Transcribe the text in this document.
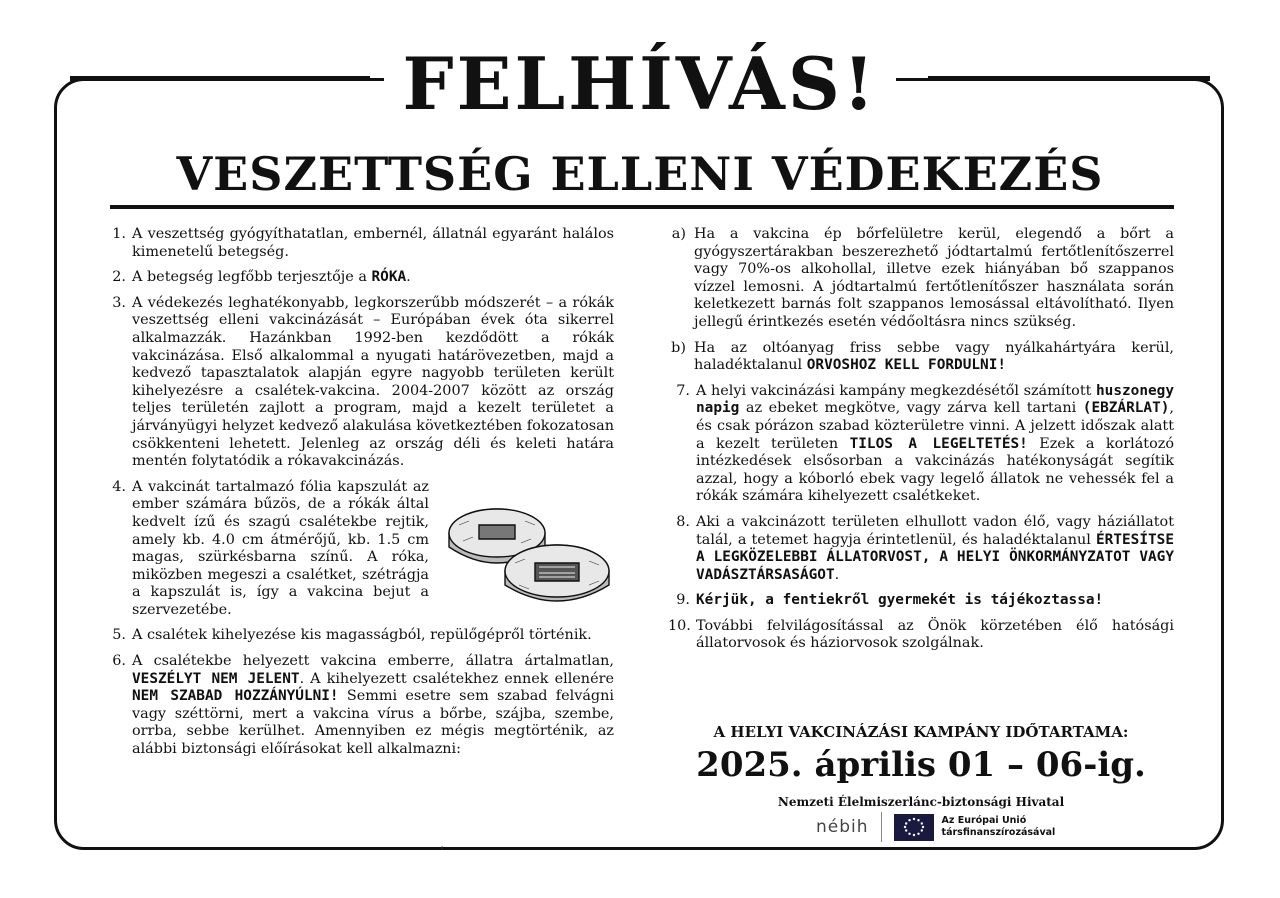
FELHÍVÁS!
VESZETTSÉG ELLENI VÉDEKEZÉS
1. A veszettség gyógyíthatatlan, embernél, állatnál egyaránt halálos kimenetelű betegség.
2. A betegség legfőbb terjesztője a RÓKA.
3. A védekezés leghatékonyabb, legkorszerűbb módszerét – a rókák veszettség elleni vakcinázását – Európában évek óta sikerrel alkalmazzák. Hazánkban 1992-ben kezdődött a rókák vakcinázása. Első alkalommal a nyugati határövezetben, majd a kedvező tapasztalatok alapján egyre nagyobb területen került kihelyezésre a csalétek-vakcina. 2004-2007 között az ország teljes területén zajlott a program, majd a kezelt területet a járványügyi helyzet kedvező alakulása következtében fokozatosan csökkenteni lehetett. Jelenleg az ország déli és keleti határa mentén folytatódik a rókavakcinázás.
4. A vakcinát tartalmazó fólia kapszulát az ember számára bűzös, de a rókák által kedvelt ízű és szagú csalétekbe rejtik, amely kb. 4.0 cm átmérőjű, kb. 1.5 cm magas, szürkésbarna színű. A róka, miközben megeszi a csalétket, szétrágja a kapszulát is, így a vakcina bejut a szervezetébe.
5. A csalétek kihelyezése kis magasságból, repülőgépről történik.
6. A csalétekbe helyezett vakcina emberre, állatra ártalmatlan, VESZÉLYT NEM JELENT. A kihelyezett csalétekhez ennek ellenére NEM SZABAD HOZZÁNYÚLNI! Semmi esetre sem szabad felvágni vagy széttörni, mert a vakcina vírus a bőrbe, szájba, szembe, orrba, sebbe kerülhet. Amennyiben ez mégis megtörténik, az alábbi biztonsági előírásokat kell alkalmazni:
a) Ha a vakcina ép bőrfelületre kerül, elegendő a bőrt a gyógyszertárakban beszerezhető jódtartalmú fertőtlenítőszerrel vagy 70%-os alkohollal, illetve ezek hiányában bő szappanos vízzel lemosni. A jódtartalmú fertőtlenítőszer használata során keletkezett barnás folt szappanos lemosással eltávolítható. Ilyen jellegű érintkezés esetén védőoltásra nincs szükség.
b) Ha az oltóanyag friss sebbe vagy nyálkahártyára kerül, haladéktalanul ORVOSHOZ KELL FORDULNI!
7. A helyi vakcinázási kampány megkezdésétől számított huszonegy napig az ebeket megkötve, vagy zárva kell tartani (EBZÁRLAT), és csak pórázon szabad közterületre vinni. A jelzett időszak alatt a kezelt területen TILOS A LEGELTETÉS! Ezek a korlátozó intézkedések elsősorban a vakcinázás hatékonyságát segítik azzal, hogy a kóborló ebek vagy legelő állatok ne vehessék fel a rókák számára kihelyezett csalétkeket.
8. Aki a vakcinázott területen elhullott vadon élő, vagy háziállatot talál, a tetemet hagyja érintetlenül, és haladéktalanul ÉRTESÍTSE A LEGKÖZELEBBI ÁLLATORVOST, A HELYI ÖNKORMÁNYZATOT VAGY VADÁSZTÁRSASÁGOT.
9. Kérjük, a fentiekről gyermekét is tájékoztassa!
10. További felvilágosítással az Önök körzetében élő hatósági állatorvosok és háziorvosok szolgálnak.

A HELYI VAKCINÁZÁSI KAMPÁNY IDŐTARTAMA:

2025. április 01 – 06-ig.

Nemzeti Élelmiszerlánc-biztonsági Hivatal

nébih	Az Európai Unió
társfinanszírozásával
ˌ
